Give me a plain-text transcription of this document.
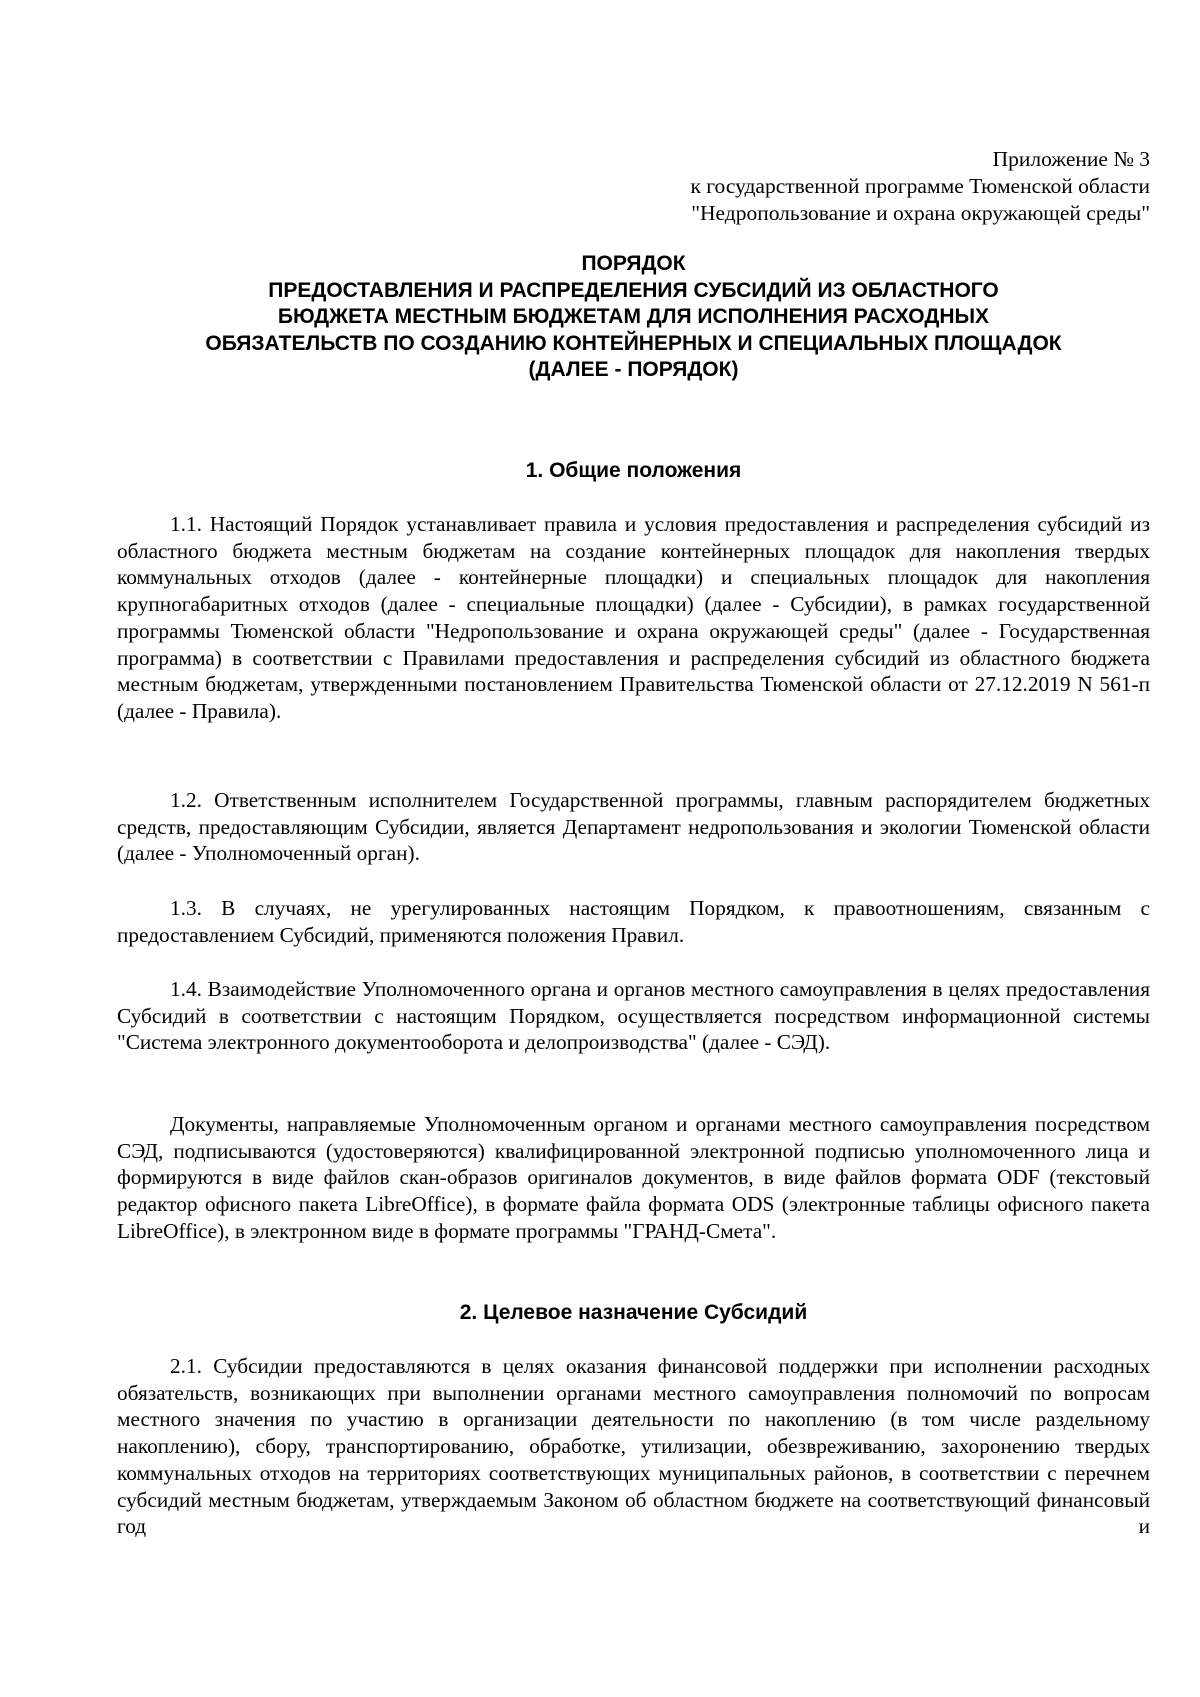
Приложение № 3
к государственной программе Тюменской области
"Недропользование и охрана окружающей среды"
ПОРЯДОК
ПРЕДОСТАВЛЕНИЯ И РАСПРЕДЕЛЕНИЯ СУБСИДИЙ ИЗ ОБЛАСТНОГО
БЮДЖЕТА МЕСТНЫМ БЮДЖЕТАМ ДЛЯ ИСПОЛНЕНИЯ РАСХОДНЫХ
ОБЯЗАТЕЛЬСТВ ПО СОЗДАНИЮ КОНТЕЙНЕРНЫХ И СПЕЦИАЛЬНЫХ ПЛОЩАДОК
(ДАЛЕЕ - ПОРЯДОК)
1. Общие положения

1.1. Настоящий Порядок устанавливает правила и условия предоставления и распределения субсидий из областного бюджета местным бюджетам на создание контейнерных площадок для накопления твердых коммунальных отходов (далее - контейнерные площадки) и специальных площадок для накопления крупногабаритных отходов (далее - специальные площадки) (далее - Субсидии), в рамках государственной программы Тюменской области "Недропользование и охрана окружающей среды" (далее - Государственная программа) в соответствии с Правилами предоставления и распределения субсидий из областного бюджета местным бюджетам, утвержденными постановлением Правительства Тюменской области от 27.12.2019 N 561-п (далее - Правила).

1.2. Ответственным исполнителем Государственной программы, главным распорядителем бюджетных средств, предоставляющим Субсидии, является Департамент недропользования и экологии Тюменской области (далее - Уполномоченный орган).

1.3. В случаях, не урегулированных настоящим Порядком, к правоотношениям, связанным с предоставлением Субсидий, применяются положения Правил.

1.4. Взаимодействие Уполномоченного органа и органов местного самоуправления в целях предоставления Субсидий в соответствии с настоящим Порядком, осуществляется посредством информационной системы "Система электронного документооборота и делопроизводства" (далее - СЭД).

Документы, направляемые Уполномоченным органом и органами местного самоуправления посредством СЭД, подписываются (удостоверяются) квалифицированной электронной подписью уполномоченного лица и формируются в виде файлов скан-образов оригиналов документов, в виде файлов формата ODF (текстовый редактор офисного пакета LibreOffice), в формате файла формата ODS (электронные таблицы офисного пакета LibreOffice), в электронном виде в формате программы "ГРАНД-Смета".

2. Целевое назначение Субсидий

2.1. Субсидии предоставляются в целях оказания финансовой поддержки при исполнении расходных обязательств, возникающих при выполнении органами местного самоуправления полномочий по вопросам местного значения по участию в организации деятельности по накоплению (в том числе раздельному накоплению), сбору, транспортированию, обработке, утилизации, обезвреживанию, захоронению твердых коммунальных отходов на территориях соответствующих муниципальных районов, в соответствии с перечнем субсидий местным бюджетам, утверждаемым Законом об областном бюджете на соответствующий финансовый год и
